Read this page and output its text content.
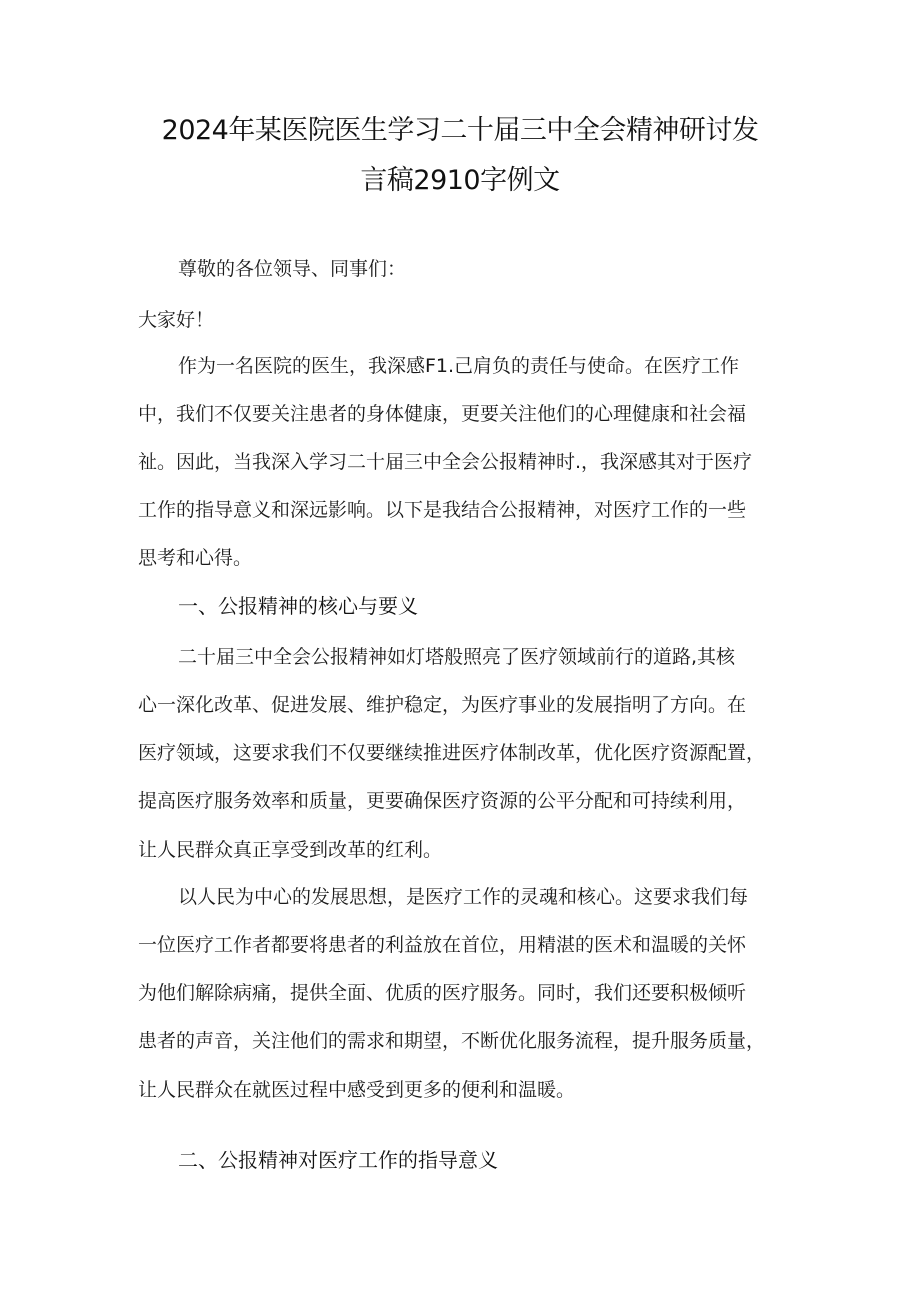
2024年某医院医生学习二十届三中全会精神研讨发
言稿2910字例文
尊敬的各位领导、同事们：
大家好！
作为一名医院的医生，我深感F1.己肩负的责任与使命。在医疗工作
中，我们不仅要关注患者的身体健康，更要关注他们的心理健康和社会福
祉。因此，当我深入学习二十届三中全会公报精神时.，我深感其对于医疗
工作的指导意义和深远影响。以下是我结合公报精神，对医疗工作的一些
思考和心得。
一、公报精神的核心与要义
二十届三中全会公报精神如灯塔般照亮了医疗领域前行的道路,其核
心一深化改革、促进发展、维护稳定，为医疗事业的发展指明了方向。在
医疗领域，这要求我们不仅要继续推进医疗体制改革，优化医疗资源配置，
提高医疗服务效率和质量，更要确保医疗资源的公平分配和可持续利用，
让人民群众真正享受到改革的红利。
以人民为中心的发展思想，是医疗工作的灵魂和核心。这要求我们每
一位医疗工作者都要将患者的利益放在首位，用精湛的医术和温暖的关怀
为他们解除病痛，提供全面、优质的医疗服务。同时，我们还要积极倾听
患者的声音，关注他们的需求和期望，不断优化服务流程，提升服务质量，
让人民群众在就医过程中感受到更多的便利和温暖。
二、公报精神对医疗工作的指导意义
